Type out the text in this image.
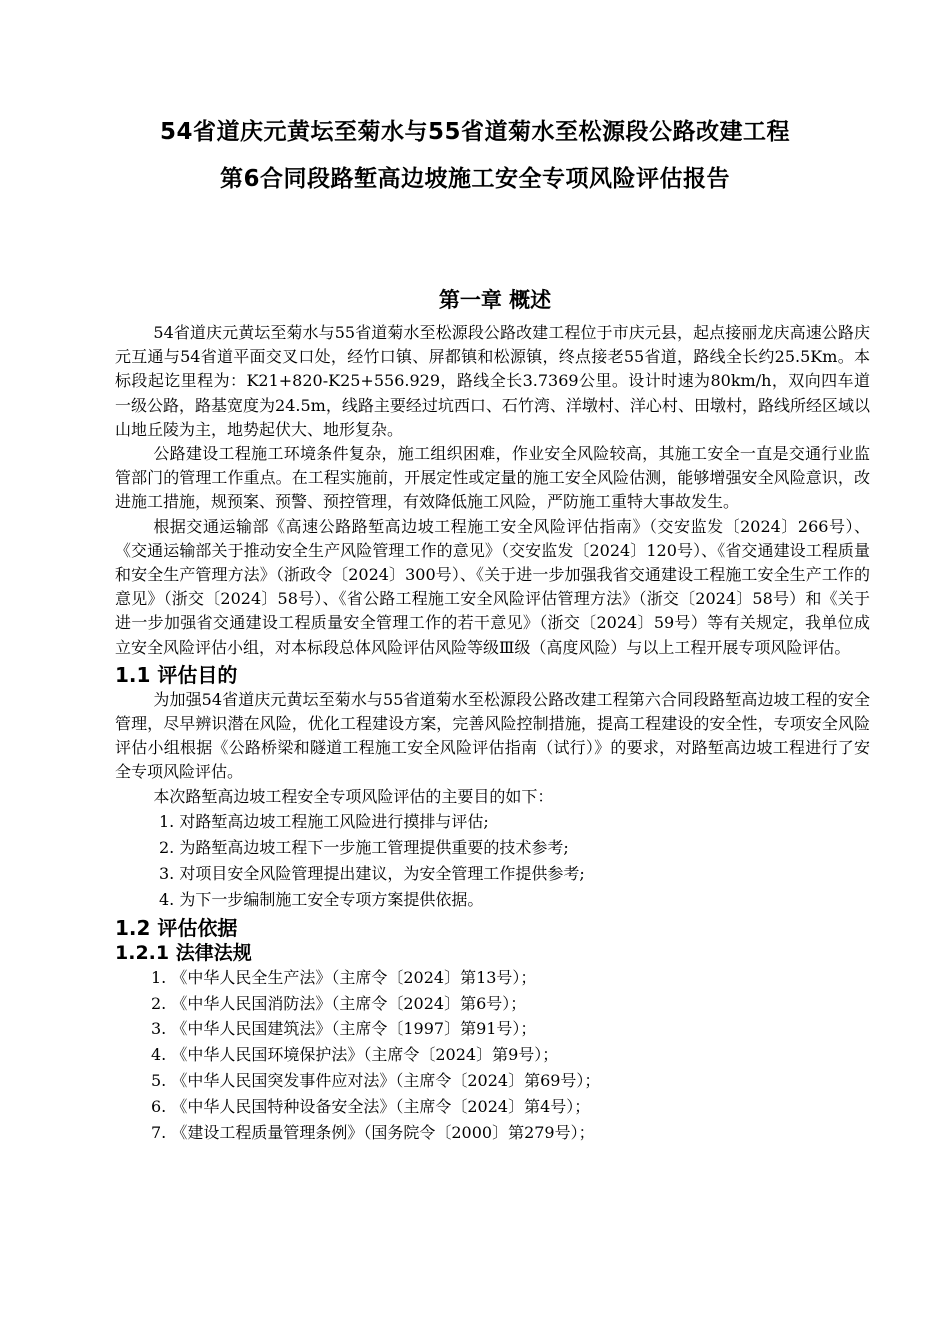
54省道庆元黄坛至菊水与55省道菊水至松源段公路改建工程
第6合同段路堑高边坡施工安全专项风险评估报告
第一章 概述

54省道庆元黄坛至菊水与55省道菊水至松源段公路改建工程位于市庆元县，起点接丽龙庆高速公路庆元互通与54省道平面交叉口处，经竹口镇、屏都镇和松源镇，终点接老55省道，路线全长约25.5Km。本标段起讫里程为：K21+820-K25+556.929，路线全长3.7369公里。设计时速为80km/h，双向四车道一级公路，路基宽度为24.5m，线路主要经过坑西口、石竹湾、洋墩村、洋心村、田墩村，路线所经区域以山地丘陵为主，地势起伏大、地形复杂。

公路建设工程施工环境条件复杂，施工组织困难，作业安全风险较高，其施工安全一直是交通行业监管部门的管理工作重点。在工程实施前，开展定性或定量的施工安全风险估测，能够增强安全风险意识，改进施工措施，规预案、预警、预控管理，有效降低施工风险，严防施工重特大事故发生。

根据交通运输部《高速公路路堑高边坡工程施工安全风险评估指南》（交安监发〔2024〕266号）、《交通运输部关于推动安全生产风险管理工作的意见》（交安监发〔2024〕120号）、《省交通建设工程质量和安全生产管理方法》（浙政令〔2024〕300号）、《关于进一步加强我省交通建设工程施工安全生产工作的意见》（浙交〔2024〕58号）、《省公路工程施工安全风险评估管理方法》（浙交〔2024〕58号）和《关于进一步加强省交通建设工程质量安全管理工作的若干意见》（浙交〔2024〕59号）等有关规定，我单位成立安全风险评估小组，对本标段总体风险评估风险等级Ⅲ级（高度风险）与以上工程开展专项风险评估。

1.1 评估目的

为加强54省道庆元黄坛至菊水与55省道菊水至松源段公路改建工程第六合同段路堑高边坡工程的安全管理，尽早辨识潜在风险，优化工程建设方案，完善风险控制措施，提高工程建设的安全性，专项安全风险评估小组根据《公路桥梁和隧道工程施工安全风险评估指南（试行）》的要求，对路堑高边坡工程进行了安全专项风险评估。

本次路堑高边坡工程安全专项风险评估的主要目的如下：

1. 对路堑高边坡工程施工风险进行摸排与评估;
2. 为路堑高边坡工程下一步施工管理提供重要的技术参考;
3. 对项目安全风险管理提出建议，为安全管理工作提供参考;
4. 为下一步编制施工安全专项方案提供依据。
1.2 评估依据
1.2.1 法律法规
1. 《中华人民全生产法》（主席令〔2024〕第13号）；
2. 《中华人民国消防法》（主席令〔2024〕第6号）；
3. 《中华人民国建筑法》（主席令〔1997〕第91号）；
4. 《中华人民国环境保护法》（主席令〔2024〕第9号）；
5. 《中华人民国突发事件应对法》（主席令〔2024〕第69号）；
6. 《中华人民国特种设备安全法》（主席令〔2024〕第4号）；
7. 《建设工程质量管理条例》（国务院令〔2000〕第279号）；
